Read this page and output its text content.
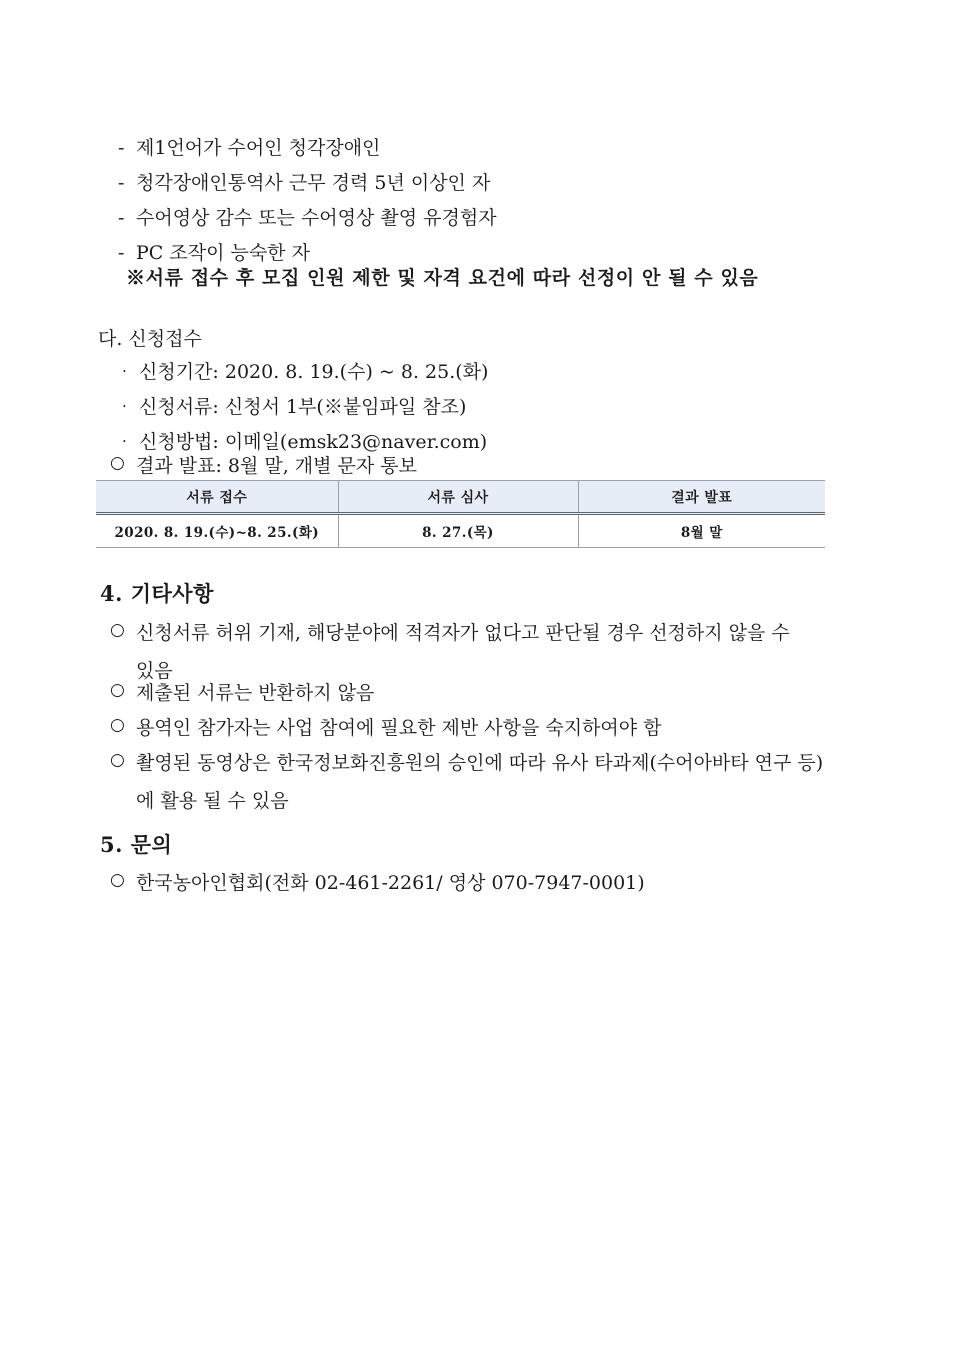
- 제1언어가 수어인 청각장애인
- 청각장애인통역사 근무 경력 5년 이상인 자
- 수어영상 감수 또는 수어영상 촬영 유경험자
- PC 조작이 능숙한 자
※서류 접수 후 모집 인원 제한 및 자격 요건에 따라 선정이 안 될 수 있음
다. 신청접수
· 신청기간: 2020. 8. 19.(수) ~ 8. 25.(화)
· 신청서류: 신청서 1부(※붙임파일 참조)
· 신청방법: 이메일(emsk23@naver.com)
○ 결과 발표: 8월 말, 개별 문자 통보
서류 접수	서류 심사	결과 발표
2020. 8. 19.(수)~8. 25.(화)	8. 27.(목)	8월 말
4. 기타사항
○ 신청서류 허위 기재, 해당분야에 적격자가 없다고 판단될 경우 선정하지 않을 수
있음
○ 제출된 서류는 반환하지 않음
○ 용역인 참가자는 사업 참여에 필요한 제반 사항을 숙지하여야 함
○ 촬영된 동영상은 한국정보화진흥원의 승인에 따라 유사 타과제(수어아바타 연구 등)
에 활용 될 수 있음
5. 문의
○ 한국농아인협회(전화 02-461-2261/ 영상 070-7947-0001)
